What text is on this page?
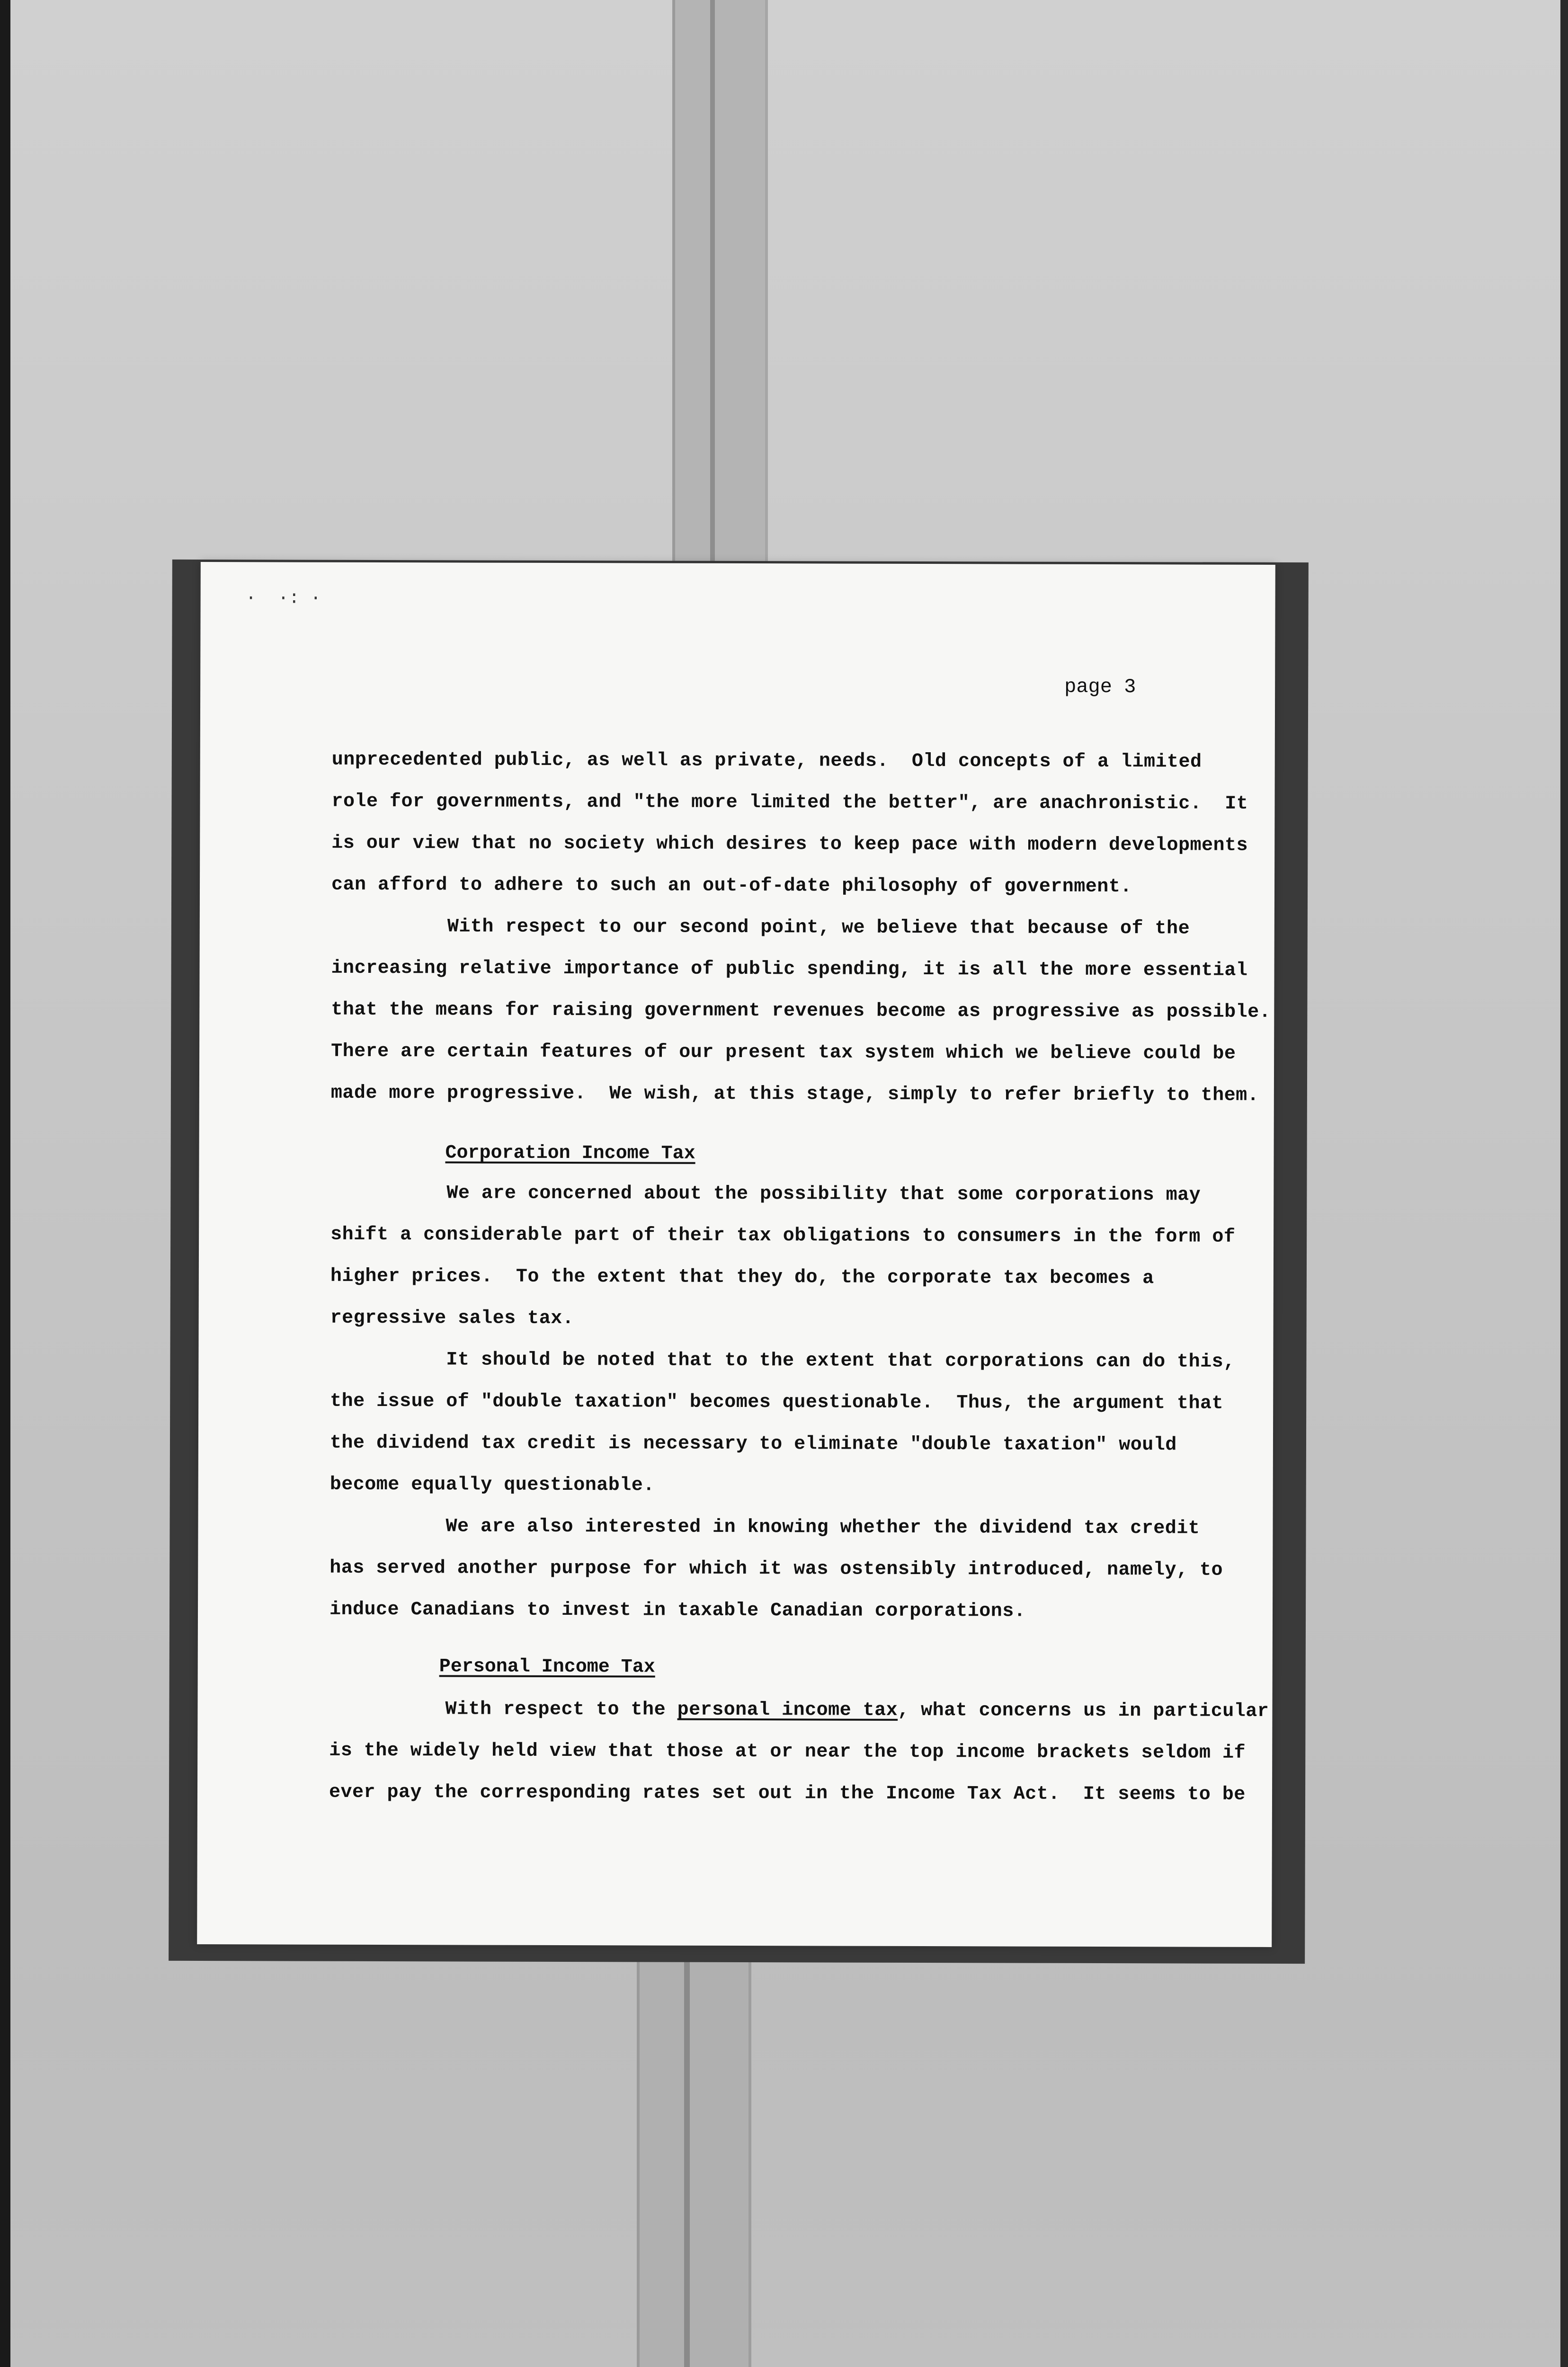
·  ·: ·
page 3
unprecedented public, as well as private, needs.  Old concepts of a limited
role for governments, and "the more limited the better", are anachronistic.  It
is our view that no society which desires to keep pace with modern developments
can afford to adhere to such an out-of-date philosophy of government.
With respect to our second point, we believe that because of the
increasing relative importance of public spending, it is all the more essential
that the means for raising government revenues become as progressive as possible.
There are certain features of our present tax system which we believe could be
made more progressive.  We wish, at this stage, simply to refer briefly to them.
Corporation Income Tax
We are concerned about the possibility that some corporations may
shift a considerable part of their tax obligations to consumers in the form of
higher prices.  To the extent that they do, the corporate tax becomes a
regressive sales tax.
It should be noted that to the extent that corporations can do this,
the issue of "double taxation" becomes questionable.  Thus, the argument that
the dividend tax credit is necessary to eliminate "double taxation" would
become equally questionable.
We are also interested in knowing whether the dividend tax credit
has served another purpose for which it was ostensibly introduced, namely, to
induce Canadians to invest in taxable Canadian corporations.
Personal Income Tax
With respect to the personal income tax, what concerns us in particular
is the widely held view that those at or near the top income brackets seldom if
ever pay the corresponding rates set out in the Income Tax Act.  It seems to be
